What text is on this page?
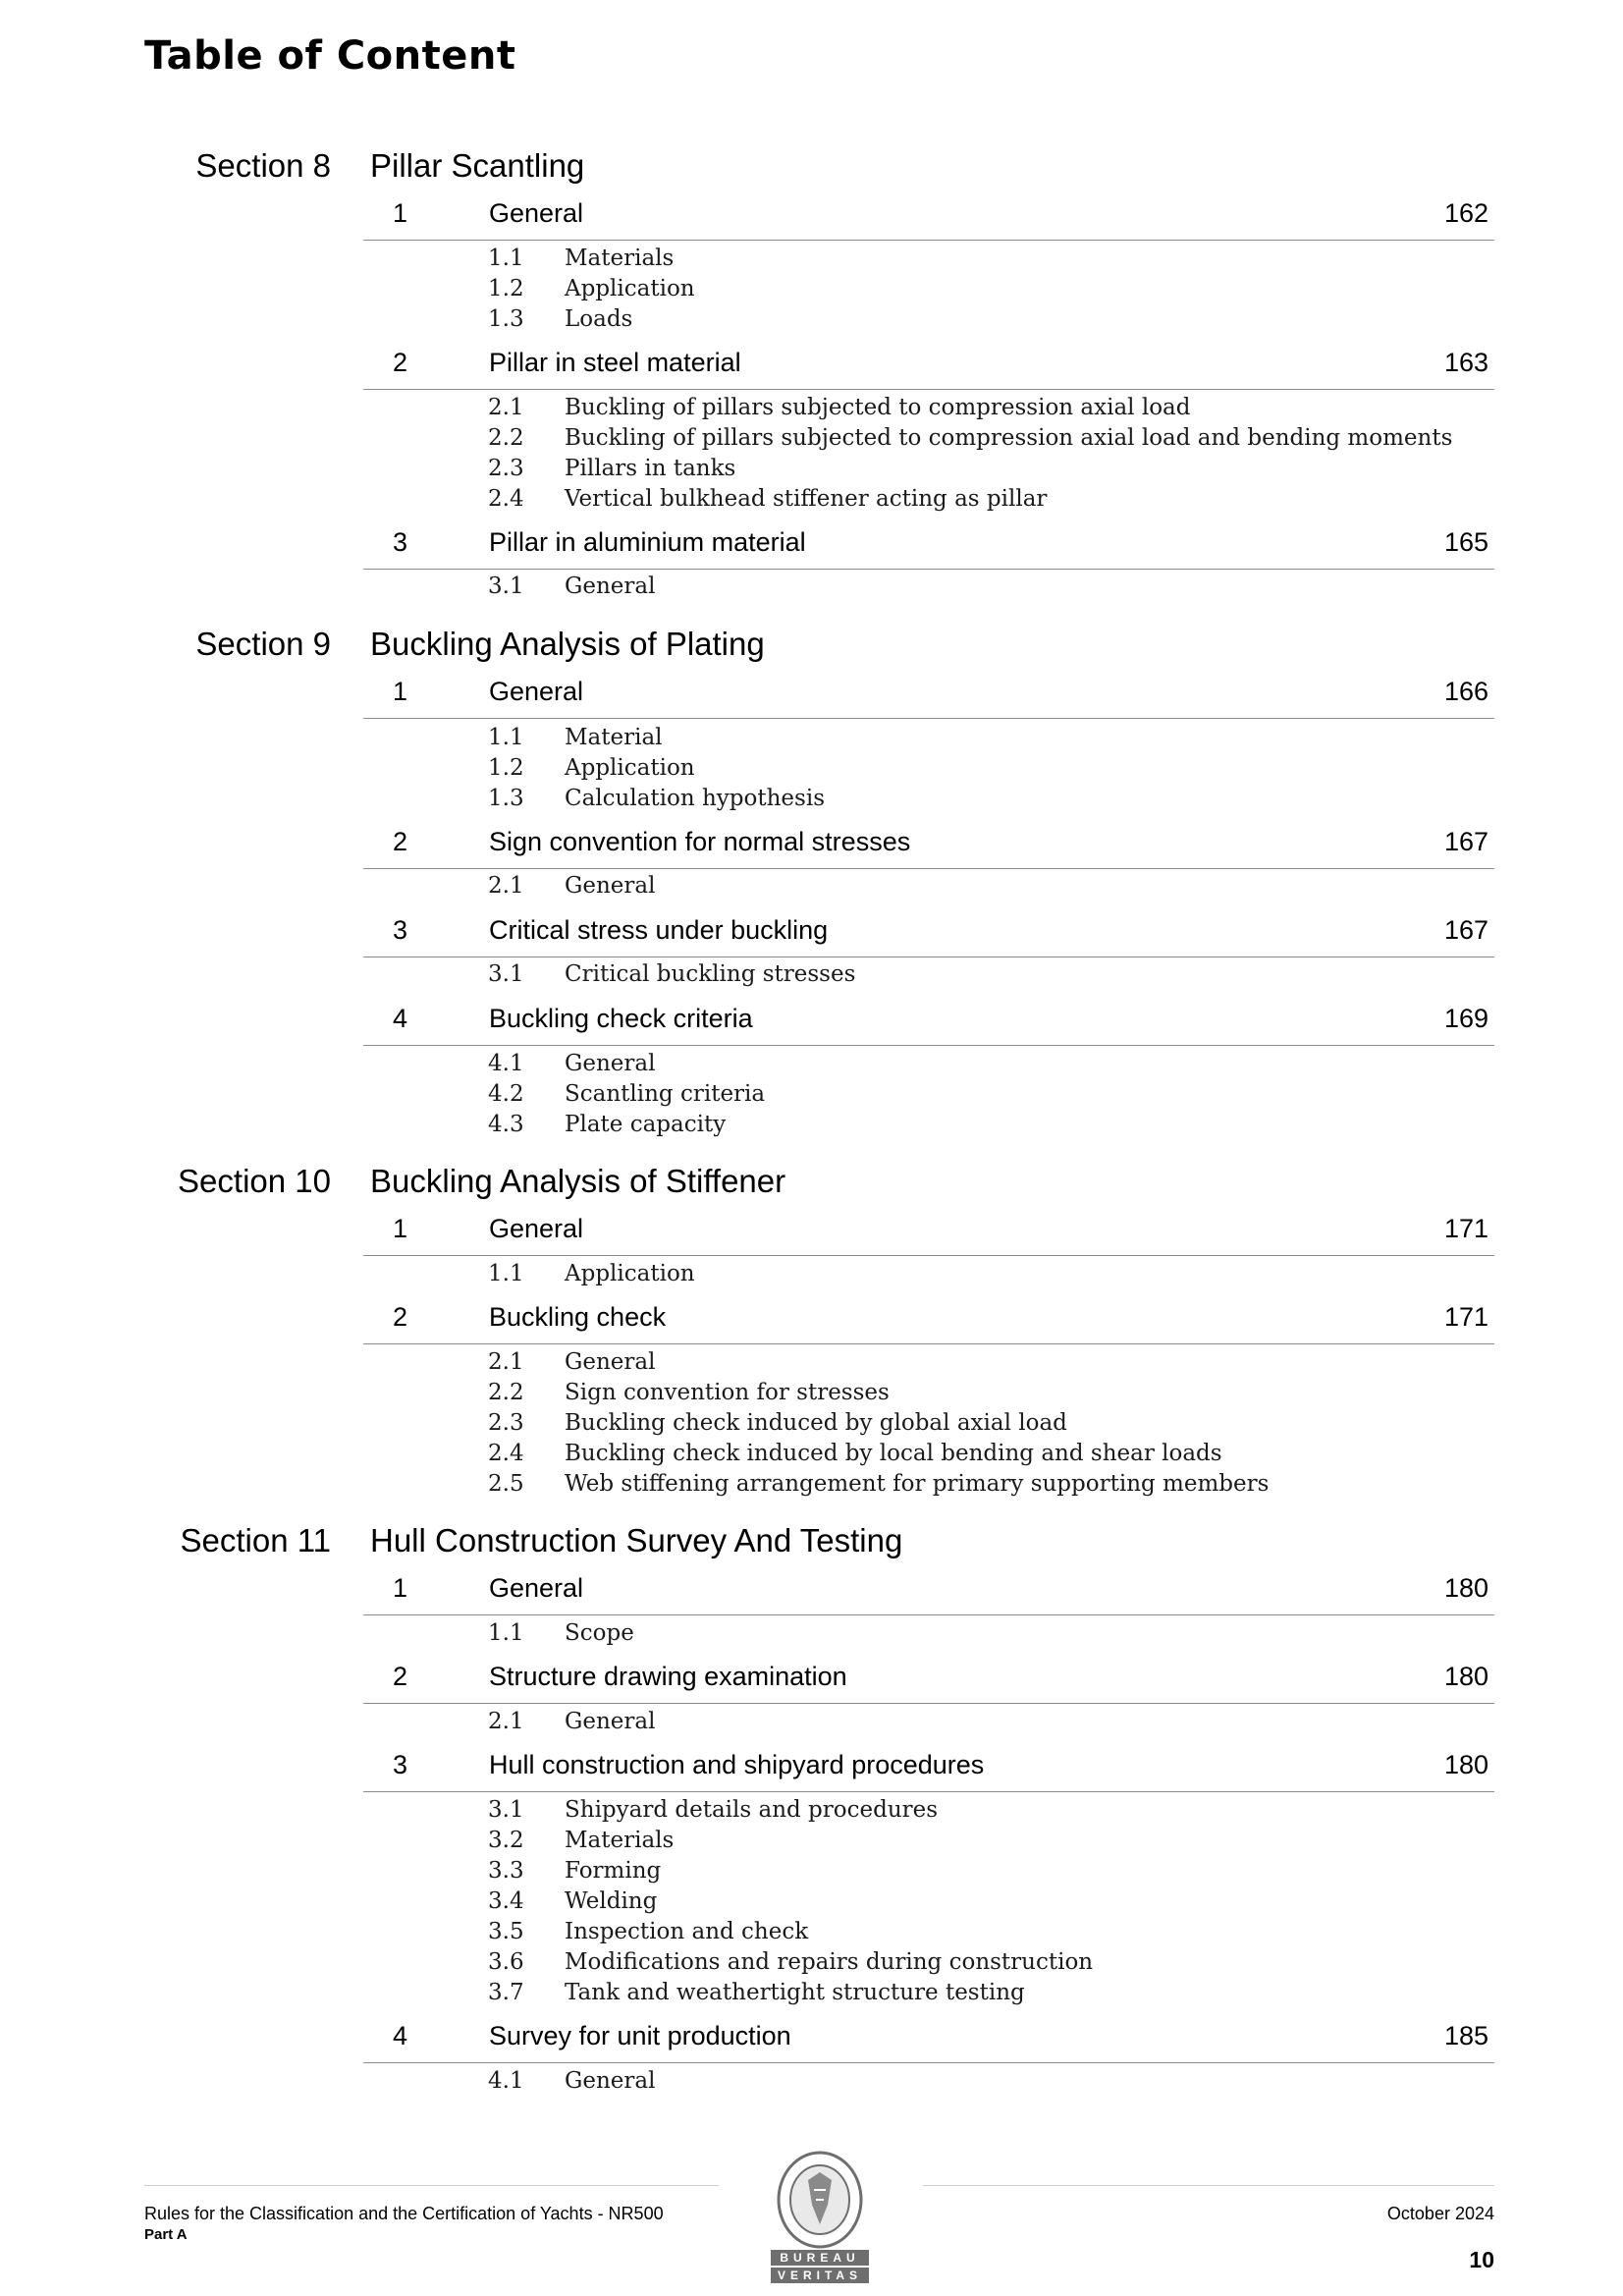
Table of Content
Section 8 Pillar Scantling
1	General	162
1.1 Materials
1.2 Application
1.3 Loads
2	Pillar in steel material	163
2.1 Buckling of pillars subjected to compression axial load
2.2 Buckling of pillars subjected to compression axial load and bending moments
2.3 Pillars in tanks
2.4 Vertical bulkhead stiffener acting as pillar
3	Pillar in aluminium material	165
3.1 General
Section 9 Buckling Analysis of Plating
1	General	166
1.1 Material
1.2 Application
1.3 Calculation hypothesis
2	Sign convention for normal stresses	167
2.1 General
3	Critical stress under buckling	167
3.1 Critical buckling stresses
4	Buckling check criteria	169
4.1 General
4.2 Scantling criteria
4.3 Plate capacity
Section 10 Buckling Analysis of Stiffener
1	General	171
1.1 Application
2	Buckling check	171
2.1 General
2.2 Sign convention for stresses
2.3 Buckling check induced by global axial load
2.4 Buckling check induced by local bending and shear loads
2.5 Web stiffening arrangement for primary supporting members
Section 11 Hull Construction Survey And Testing
1	General	180
1.1 Scope
2	Structure drawing examination	180
2.1 General
3	Hull construction and shipyard procedures	180
3.1 Shipyard details and procedures
3.2 Materials
3.3 Forming
3.4 Welding
3.5 Inspection and check
3.6 Modifications and repairs during construction
3.7 Tank and weathertight structure testing
4	Survey for unit production	185
4.1 General
Rules for the Classification and the Certification of Yachts - NR500
Part A
October 2024
10
BUREAU
VERITAS
